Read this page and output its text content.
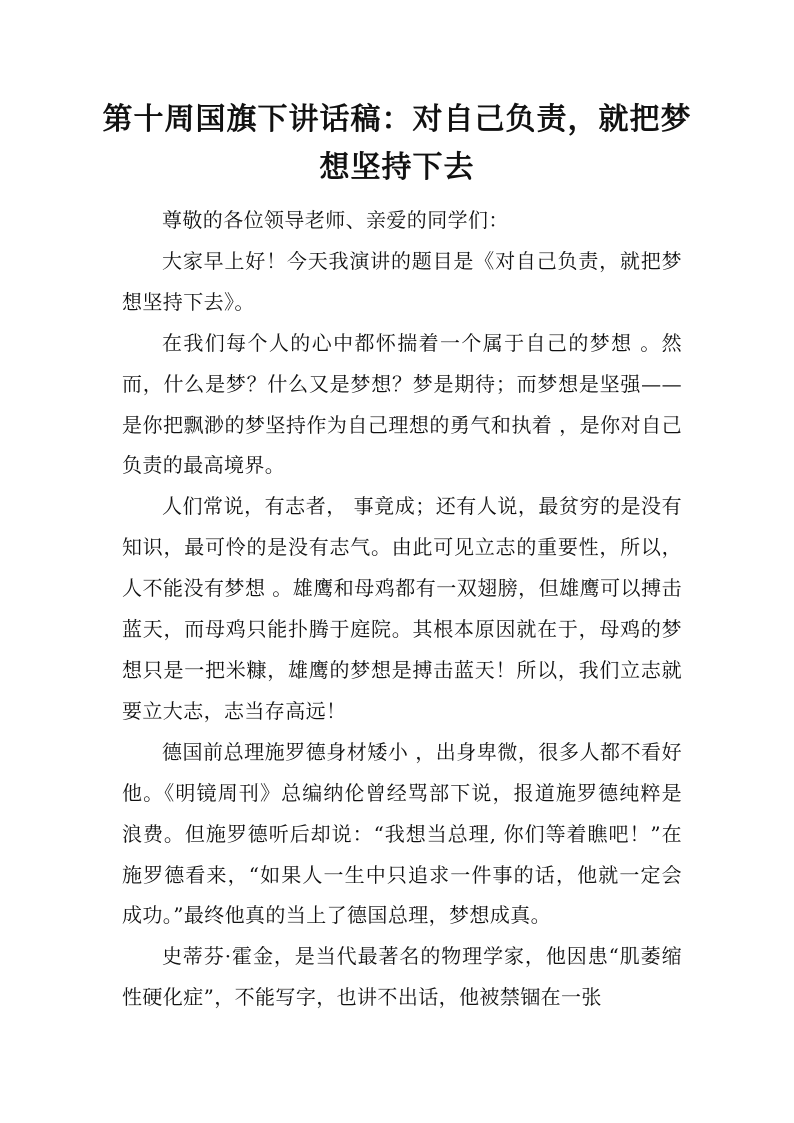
第十周国旗下讲话稿：对自己负责，就把梦想坚持下去

尊敬的各位领导老师、亲爱的同学们：

大家早上好！今天我演讲的题目是《对自己负责，就把梦想坚持下去》。

在我们每个人的心中都怀揣着一个属于自己的梦想 。然而，什么是梦？什么又是梦想？梦是期待；而梦想是坚强——是你把飘渺的梦坚持作为自己理想的勇气和执着 ，是你对自己负责的最高境界。

人们常说，有志者， 事竟成；还有人说，最贫穷的是没有知识，最可怜的是没有志气。由此可见立志的重要性，所以，人不能没有梦想 。雄鹰和母鸡都有一双翅膀，但雄鹰可以搏击蓝天，而母鸡只能扑腾于庭院。其根本原因就在于，母鸡的梦想只是一把米糠，雄鹰的梦想是搏击蓝天！所以，我们立志就要立大志，志当存高远！

德国前总理施罗德身材矮小 ，出身卑微，很多人都不看好他。《明镜周刊》总编纳伦曾经骂部下说，报道施罗德纯粹是浪费。但施罗德听后却说：“我想当总理, 你们等着瞧吧！”在施罗德看来，“如果人一生中只追求一件事的话，他就一定会成功。”最终他真的当上了德国总理，梦想成真。

史蒂芬·霍金，是当代最著名的物理学家，他因患“肌萎缩性硬化症”，不能写字，也讲不出话，他被禁锢在一张
